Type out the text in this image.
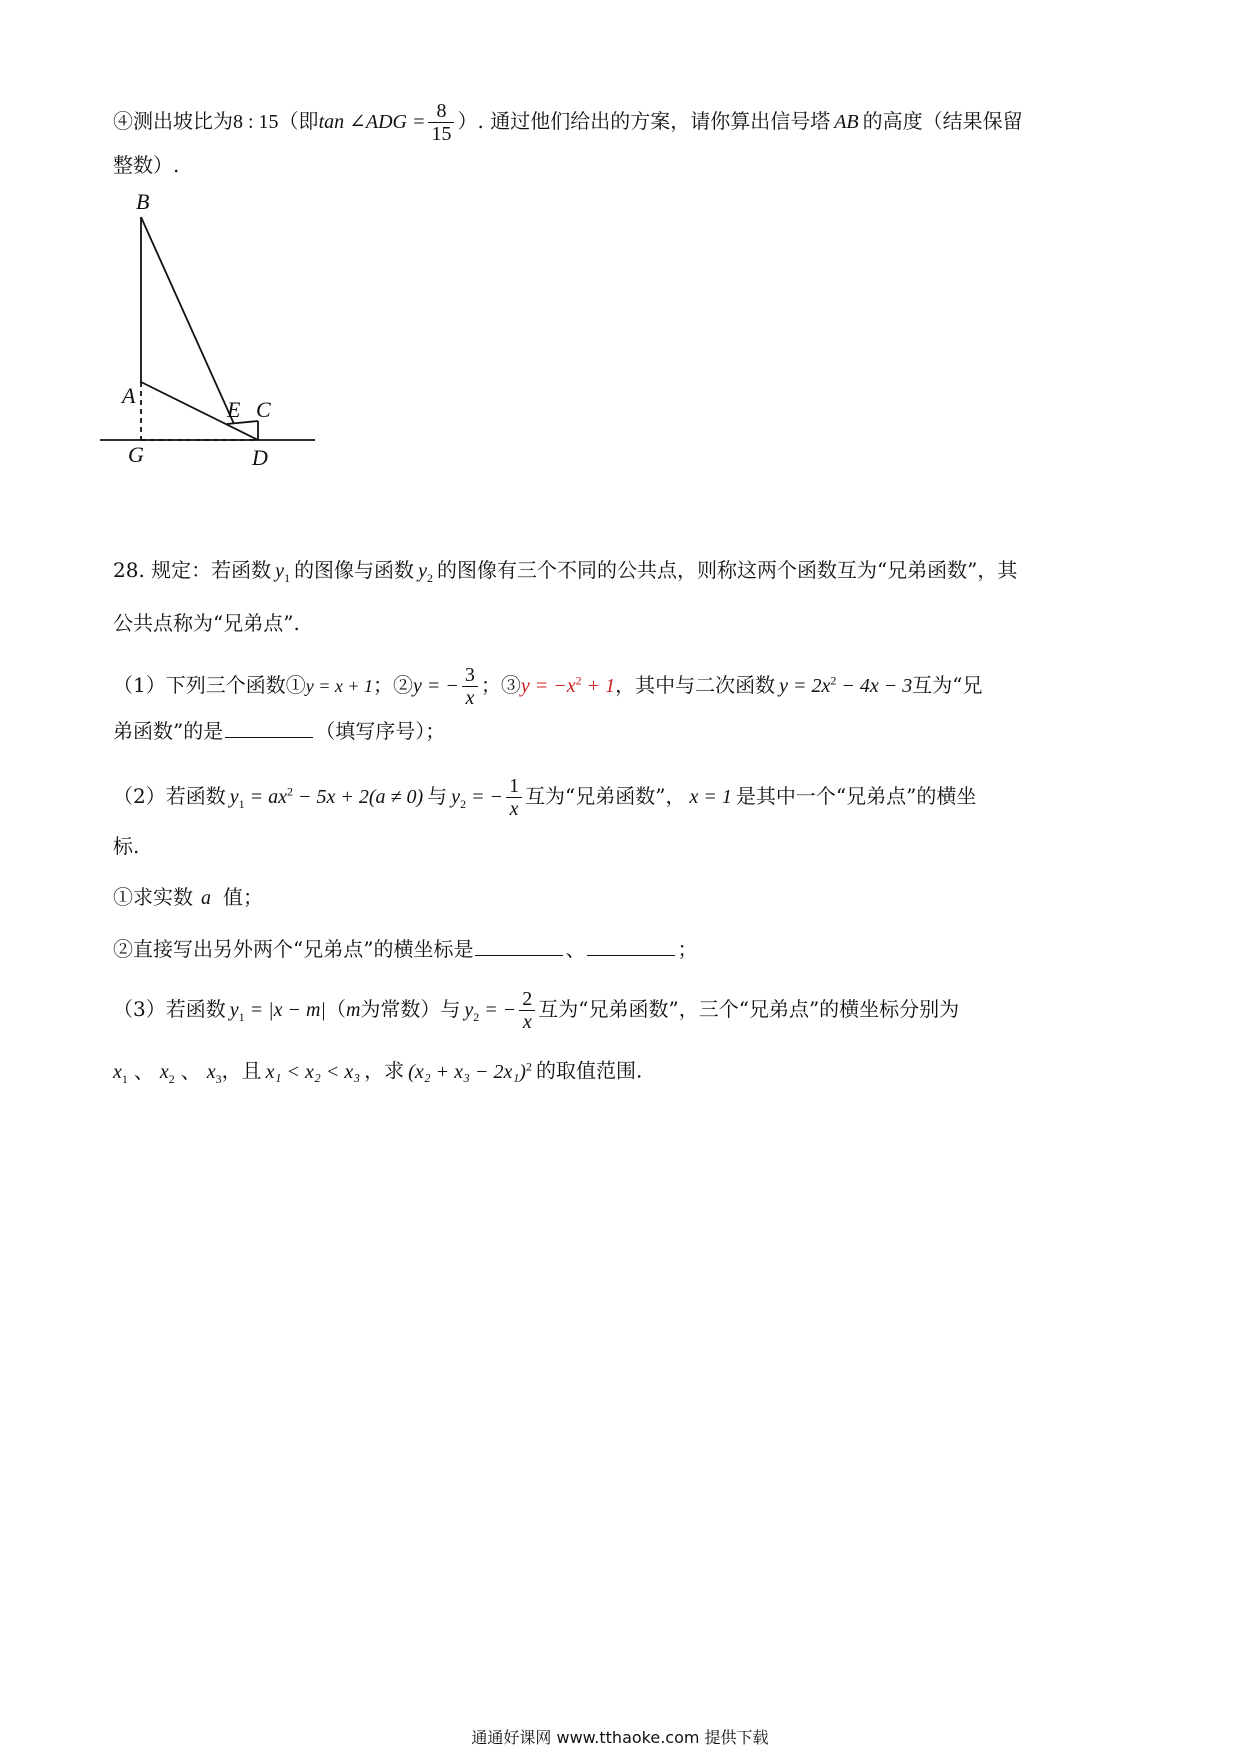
④测出坡比为8 : 15（即tan ∠ADG = $\frac{8}{15}$ ）. 通过他们给出的方案，请你算出信号塔 AB 的高度（结果保留
整数）.
B
A
E C
G	D
28. 规定：若函数 $y_1$ 的图像与函数 $y_2$ 的图像有三个不同的公共点，则称这两个函数互为“兄弟函数”，其
公共点称为“兄弟点”.
（1）下列三个函数①y = x + 1；②y = − $\frac{3}{x}$ ；③y = $-x^2 + 1$，其中与二次函数 $y = 2x^2 - 4x - 3$互为“兄
弟函数”的是	（填写序号）；
（2）若函数 $y_1 = ax^2 - 5x + 2(a \ne 0)$ 与 $y_2$ = − $\frac{1}{x}$ 互为“兄弟函数”， x = 1 是其中一个“兄弟点”的横坐
标.
①求实数 a 值；
②直接写出另外两个“兄弟点”的横坐标是	、	；
（3）若函数 $y_1 = |x - m|(m$为常数）与 $y_2$ = − $\frac{2}{x}$ 互为“兄弟函数”，三个“兄弟点”的横坐标分别为
$x_1$ 、 $x_2$ 、 $x_3$，且 x₁ < x₂ < x₃ ，求 $(x_2 + x_3 - 2x_1)^2$ 的取值范围.
通通好课网 www.tthaoke.com 提供下载
